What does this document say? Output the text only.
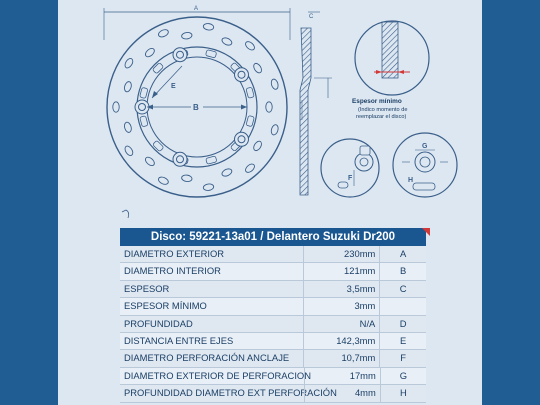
A
B
E
C
Espesor mínimo
(Indico momento de
reemplazar el disco)
F
G
H
Disco: 59221-13a01 / Delantero Suzuki Dr200
DIAMETRO EXTERIOR	230mm	A
DIAMETRO INTERIOR	121mm	B
ESPESOR	3,5mm	C
ESPESOR MÍNIMO	3mm
PROFUNDIDAD	N/A	D
DISTANCIA ENTRE EJES	142,3mm	E
DIAMETRO PERFORACIÓN ANCLAJE	10,7mm	F
DIAMETRO EXTERIOR DE PERFORACION	17mm	G
PROFUNDIDAD DIAMETRO EXT PERFORACIÓN	4mm	H
